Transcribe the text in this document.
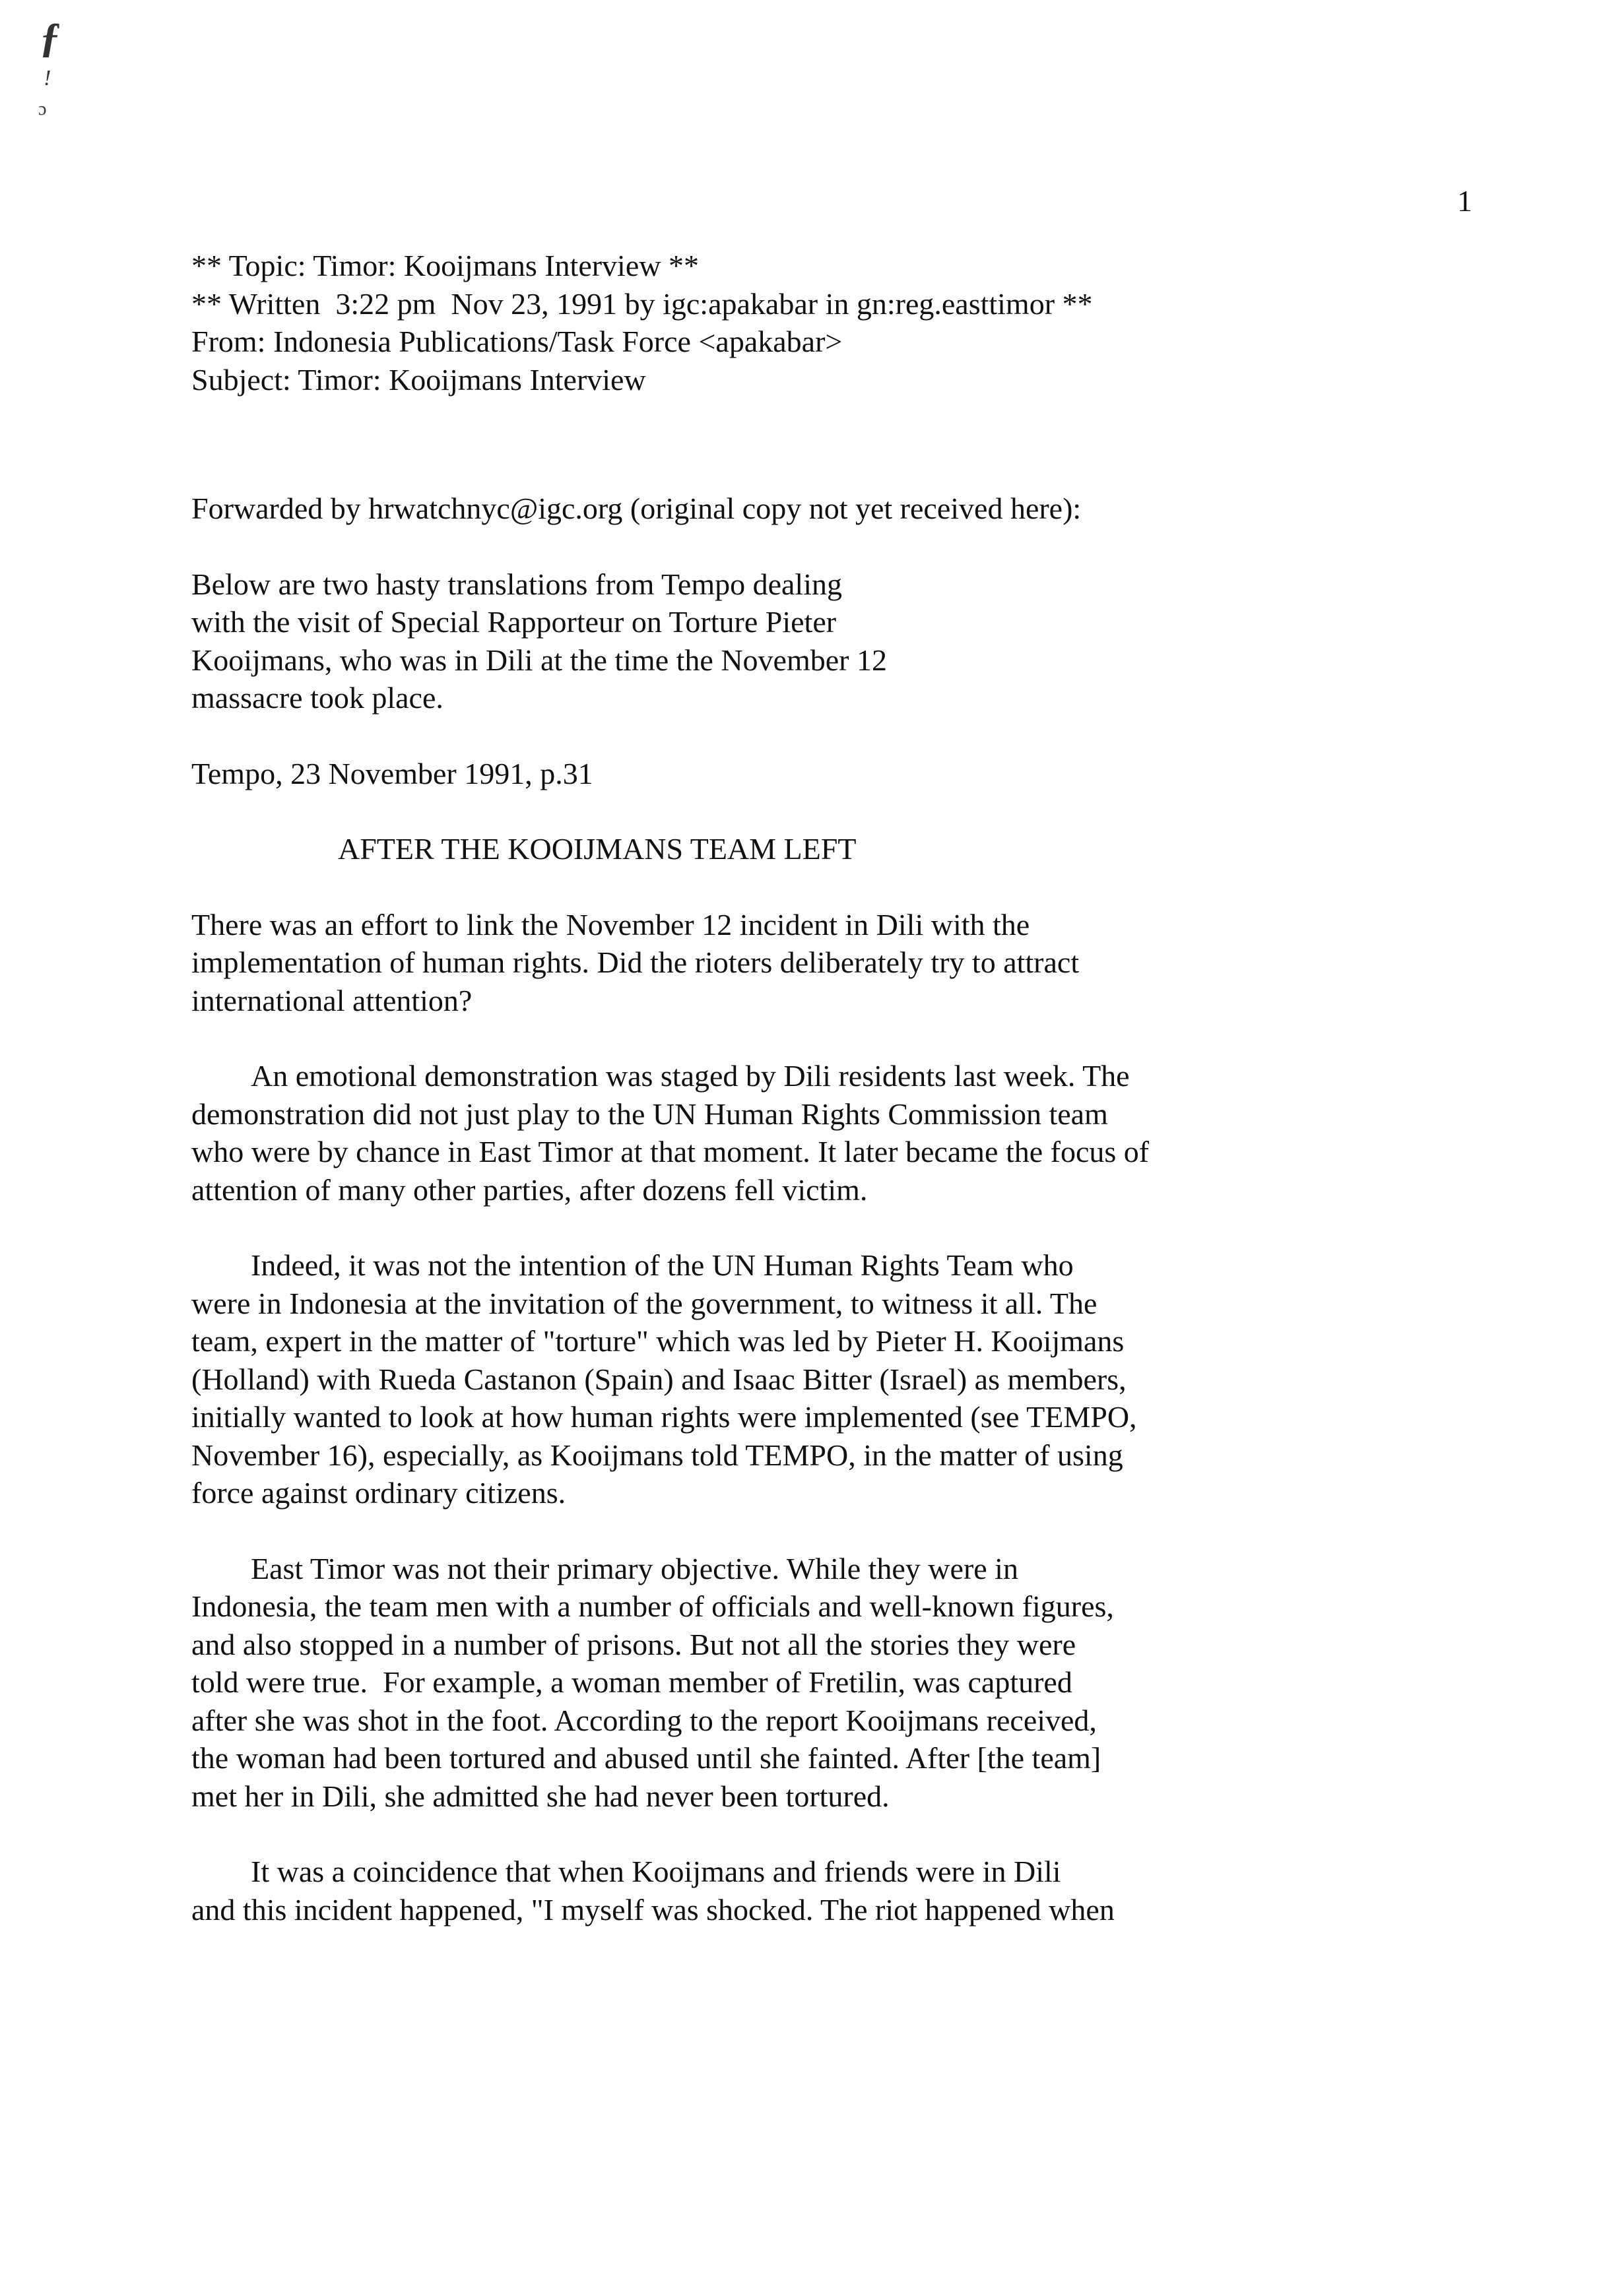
ƒ
!
ɔ
1
** Topic: Timor: Kooijmans Interview **
** Written  3:22 pm  Nov 23, 1991 by igc:apakabar in gn:reg.easttimor **
From: Indonesia Publications/Task Force <apakabar>
Subject: Timor: Kooijmans Interview
Forwarded by hrwatchnyc@igc.org (original copy not yet received here):
Below are two hasty translations from Tempo dealing
with the visit of Special Rapporteur on Torture Pieter
Kooijmans, who was in Dili at the time the November 12
massacre took place.
Tempo, 23 November 1991, p.31
AFTER THE KOOIJMANS TEAM LEFT
There was an effort to link the November 12 incident in Dili with the
implementation of human rights. Did the rioters deliberately try to attract
international attention?
An emotional demonstration was staged by Dili residents last week. The
demonstration did not just play to the UN Human Rights Commission team
who were by chance in East Timor at that moment. It later became the focus of
attention of many other parties, after dozens fell victim.
Indeed, it was not the intention of the UN Human Rights Team who
were in Indonesia at the invitation of the government, to witness it all. The
team, expert in the matter of "torture" which was led by Pieter H. Kooijmans
(Holland) with Rueda Castanon (Spain) and Isaac Bitter (Israel) as members,
initially wanted to look at how human rights were implemented (see TEMPO,
November 16), especially, as Kooijmans told TEMPO, in the matter of using
force against ordinary citizens.
East Timor was not their primary objective. While they were in
Indonesia, the team men with a number of officials and well-known figures,
and also stopped in a number of prisons. But not all the stories they were
told were true.  For example, a woman member of Fretilin, was captured
after she was shot in the foot. According to the report Kooijmans received,
the woman had been tortured and abused until she fainted. After [the team]
met her in Dili, she admitted she had never been tortured.
It was a coincidence that when Kooijmans and friends were in Dili
and this incident happened, "I myself was shocked. The riot happened when
